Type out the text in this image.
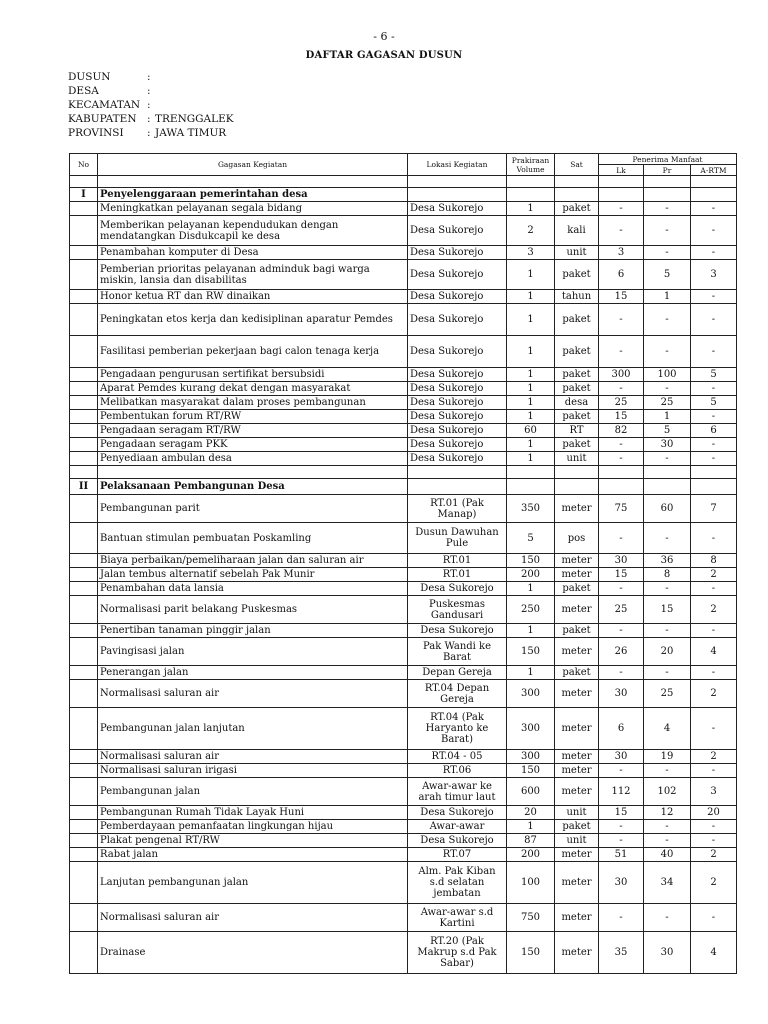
- 6 -
DAFTAR GAGASAN DUSUN
DUSUN	:
DESA	:
KECAMATAN :
KABUPATEN : TRENGGALEK
PROVINSI	: JAWA TIMUR
No	Gagasan Kegiatan	Lokasi Kegiatan	Prakiraan Volume	Sat	Penerima Manfaat		
					Lk	Pr	A-RTM

I	Penyelenggaraan pemerintahan desa						
	Meningkatkan pelayanan segala bidang	Desa Sukorejo	1	paket	-	-	-
	Memberikan pelayanan kependudukan dengan mendatangkan Disdukcapil ke desa	Desa Sukorejo	2	kali	-	-	-
	Penambahan komputer di Desa	Desa Sukorejo	3	unit	3	-	-
	Pemberian prioritas pelayanan adminduk bagi warga miskin, lansia dan disabilitas	Desa Sukorejo	1	paket	6	5	3
	Honor ketua RT dan RW dinaikan	Desa Sukorejo	1	tahun	15	1	-
	Peningkatan etos kerja dan kedisiplinan aparatur Pemdes	Desa Sukorejo	1	paket	-	-	-
	Fasilitasi pemberian pekerjaan bagi calon tenaga kerja	Desa Sukorejo	1	paket	-	-	-
	Pengadaan pengurusan sertifikat bersubsidi	Desa Sukorejo	1	paket	300	100	5
	Aparat Pemdes kurang dekat dengan masyarakat	Desa Sukorejo	1	paket	-	-	-
	Melibatkan masyarakat dalam proses pembangunan	Desa Sukorejo	1	desa	25	25	5
	Pembentukan forum RT/RW	Desa Sukorejo	1	paket	15	1	-
	Pengadaan seragam RT/RW	Desa Sukorejo	60	RT	82	5	6
	Pengadaan seragam PKK	Desa Sukorejo	1	paket	-	30	-
	Penyediaan ambulan desa	Desa Sukorejo	1	unit	-	-	-

II	Pelaksanaan Pembangunan Desa						
	Pembangunan parit	RT.01 (Pak Manap)	350	meter	75	60	7
	Bantuan stimulan pembuatan Poskamling	Dusun Dawuhan Pule	5	pos	-	-	-
	Biaya perbaikan/pemeliharaan jalan dan saluran air	RT.01	150	meter	30	36	8
	Jalan tembus alternatif sebelah Pak Munir	RT.01	200	meter	15	8	2
	Penambahan data lansia	Desa Sukorejo	1	paket	-	-	-
	Normalisasi parit belakang Puskesmas	Puskesmas Gandusari	250	meter	25	15	2
	Penertiban tanaman pinggir jalan	Desa Sukorejo	1	paket	-	-	-
	Pavingisasi jalan	Pak Wandi ke Barat	150	meter	26	20	4
	Penerangan jalan	Depan Gereja	1	paket	-	-	-
	Normalisasi saluran air	RT.04 Depan Gereja	300	meter	30	25	2
	Pembangunan jalan lanjutan	RT.04 (Pak Haryanto ke Barat)	300	meter	6	4	-
	Normalisasi saluran air	RT.04 - 05	300	meter	30	19	2
	Normalisasi saluran irigasi	RT.06	150	meter	-	-	-
	Pembangunan jalan	Awar-awar ke arah timur laut	600	meter	112	102	3
	Pembangunan Rumah Tidak Layak Huni	Desa Sukorejo	20	unit	15	12	20
	Pemberdayaan pemanfaatan lingkungan hijau	Awar-awar	1	paket	-	-	-
	Plakat pengenal RT/RW	Desa Sukorejo	87	unit	-	-	-
	Rabat jalan	RT.07	200	meter	51	40	2
	Lanjutan pembangunan jalan	Alm. Pak Kiban s.d selatan jembatan	100	meter	30	34	2
	Normalisasi saluran air	Awar-awar s.d Kartini	750	meter	-	-	-
	Drainase	RT.20 (Pak Makrup s.d Pak Sabar)	150	meter	35	30	4
